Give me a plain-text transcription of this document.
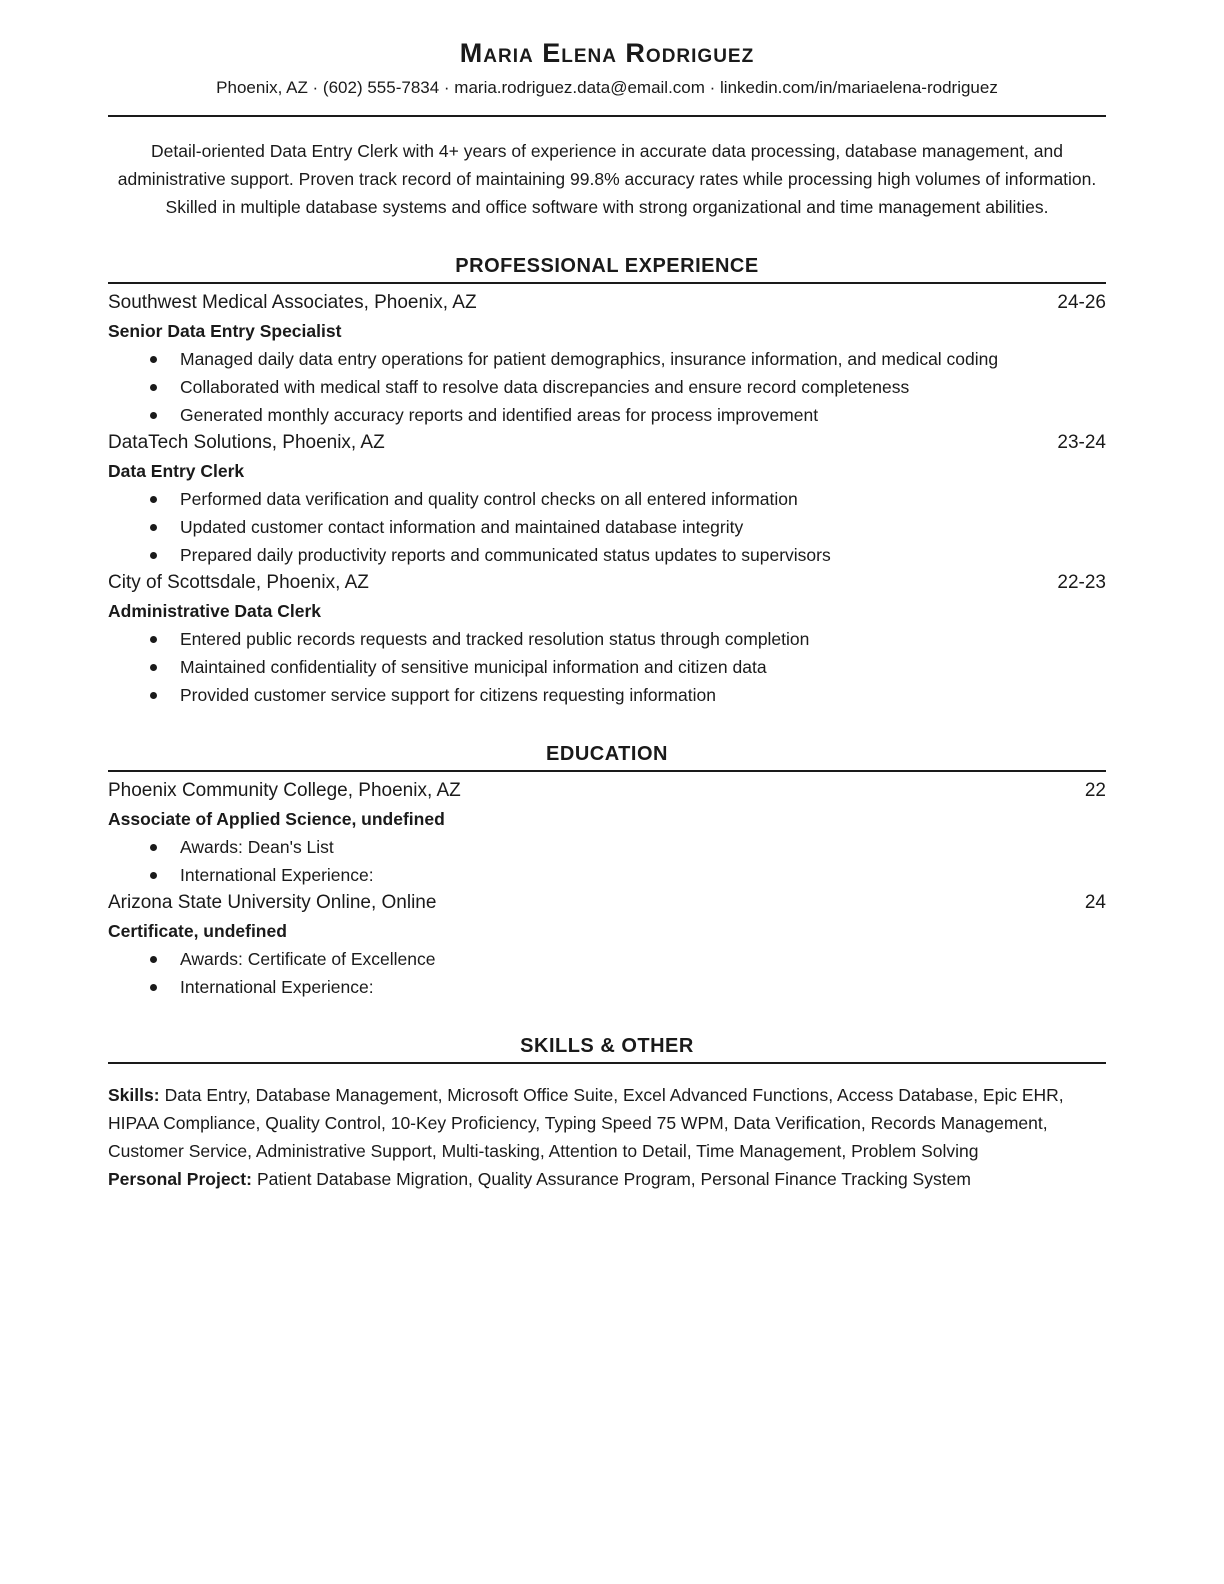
Maria Elena Rodriguez
Phoenix, AZ · (602) 555-7834 · maria.rodriguez.data@email.com · linkedin.com/in/mariaelena-rodriguez

Detail-oriented Data Entry Clerk with 4+ years of experience in accurate data processing, database management, and administrative support. Proven track record of maintaining 99.8% accuracy rates while processing high volumes of information. Skilled in multiple database systems and office software with strong organizational and time management abilities.

PROFESSIONAL EXPERIENCE
Southwest Medical Associates, Phoenix, AZ	24-26
Senior Data Entry Specialist
Managed daily data entry operations for patient demographics, insurance information, and medical coding
Collaborated with medical staff to resolve data discrepancies and ensure record completeness
Generated monthly accuracy reports and identified areas for process improvement
DataTech Solutions, Phoenix, AZ	23-24
Data Entry Clerk
Performed data verification and quality control checks on all entered information
Updated customer contact information and maintained database integrity
Prepared daily productivity reports and communicated status updates to supervisors
City of Scottsdale, Phoenix, AZ	22-23
Administrative Data Clerk
Entered public records requests and tracked resolution status through completion
Maintained confidentiality of sensitive municipal information and citizen data
Provided customer service support for citizens requesting information
EDUCATION
Phoenix Community College, Phoenix, AZ	22
Associate of Applied Science, undefined
Awards: Dean's List
International Experience:
Arizona State University Online, Online	24
Certificate, undefined
Awards: Certificate of Excellence
International Experience:
SKILLS & OTHER

Skills: Data Entry, Database Management, Microsoft Office Suite, Excel Advanced Functions, Access Database, Epic EHR, HIPAA Compliance, Quality Control, 10-Key Proficiency, Typing Speed 75 WPM, Data Verification, Records Management, Customer Service, Administrative Support, Multi-tasking, Attention to Detail, Time Management, Problem Solving

Personal Project: Patient Database Migration, Quality Assurance Program, Personal Finance Tracking System
